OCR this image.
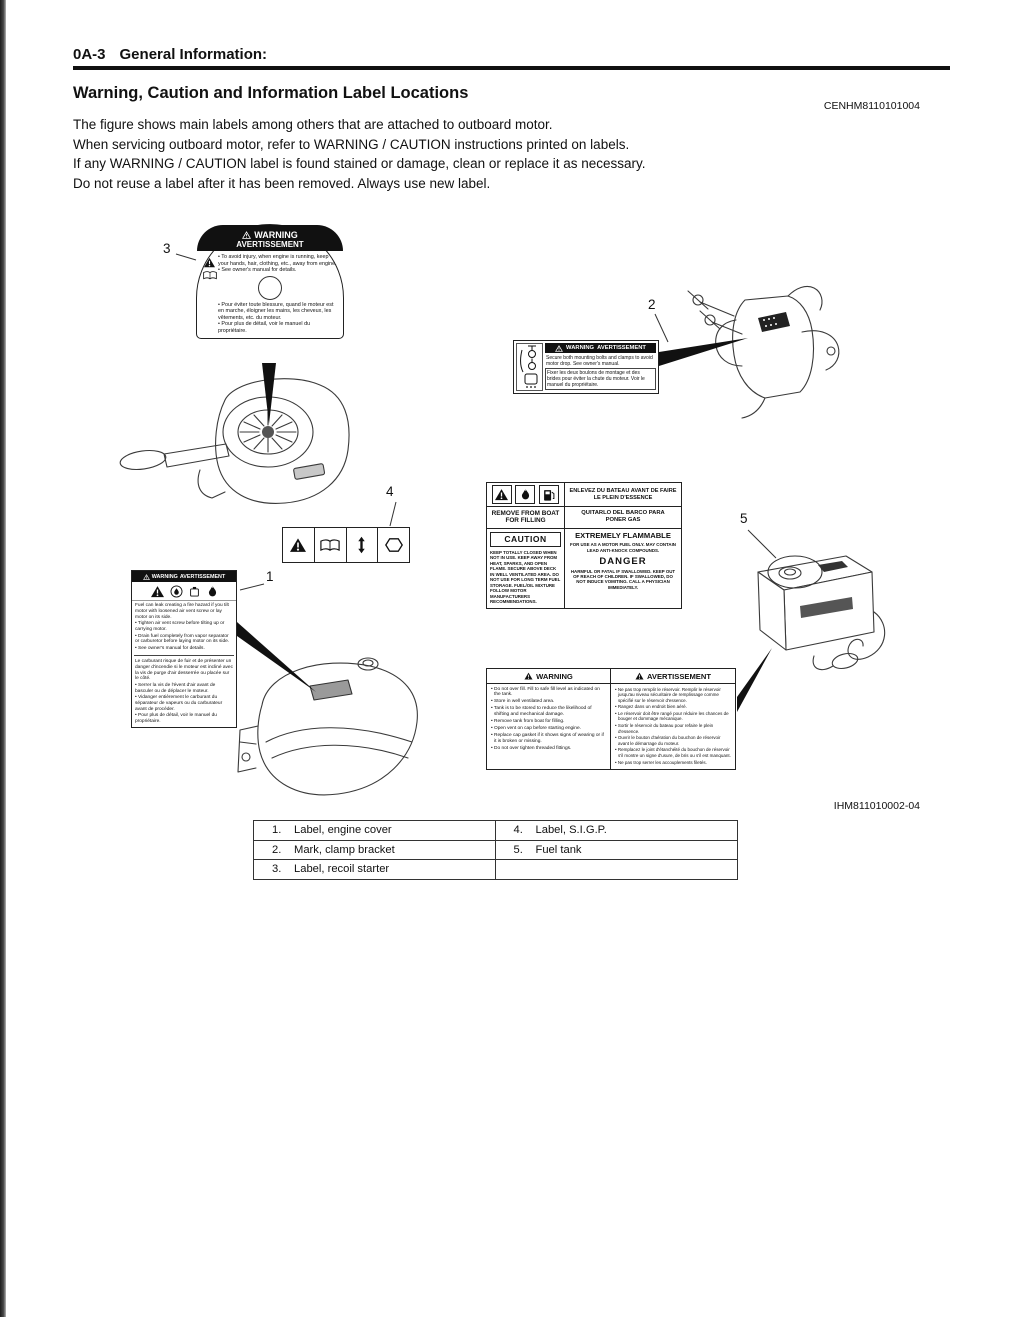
0A-3 General Information:
Warning, Caution and Information Label Locations
CENHM8110101004
The figure shows main labels among others that are attached to outboard motor.
When servicing outboard motor, refer to WARNING / CAUTION instructions printed on labels.
If any WARNING / CAUTION label is found stained or damage, clean or replace it as necessary.
Do not reuse a label after it has been removed. Always use new label.
1
2
3
4
5
WARNING
AVERTISSEMENT
• To avoid injury, when engine is running, keep your hands, hair, clothing, etc., away from engine.
• See owner's manual for details.
• Pour éviter toute blessure, quand le moteur est en marche, éloigner les mains, les cheveux, les vêtements, etc. du moteur.
• Pour plus de détail, voir le manuel du propriétaire.
WARNING AVERTISSEMENT
Secure both mounting bolts and clamps to avoid motor drop. See owner's manual.
Fixer les deux boulons de montage et des brides pour éviter la chute du moteur. Voir le manuel du propriétaire.
WARNING AVERTISSEMENT
Fuel can leak creating a fire hazard if you tilt motor with loosened air vent screw or lay motor on its side.
• Tighten air vent screw before tilting up or carrying motor.
• Drain fuel completely from vapor separator or carburetor before laying motor on its side.
• See owner's manual for details.
Le carburant risque de fuir et de présenter un danger d'incendie si le moteur est incliné avec la vis de purge d'air desserrée ou placée sur le côté.
• Serrer la vis de l'évent d'air avant de basculer ou de déplacer le moteur.
• Vidanger entièrement le carburant du séparateur de vapeurs ou du carburateur avant de procéder.
• Pour plus de détail, voir le manuel du propriétaire.
ENLEVEZ DU BATEAU AVANT DE FAIRE LE PLEIN D'ESSENCE
REMOVE FROM BOAT FOR FILLING
QUITARLO DEL BARCO PARA PONER GAS
CAUTION
KEEP TOTALLY CLOSED WHEN NOT IN USE. KEEP AWAY FROM HEAT, SPARKS, AND OPEN FLAME. SECURE ABOVE DECK IN WELL VENTILATED AREA. DO NOT USE FOR LONG TERM FUEL STORAGE. FUEL/OIL MIXTURE FOLLOW MOTOR MANUFACTURERS RECOMMENDATIONS.
EXTREMELY FLAMMABLE
FOR USE AS A MOTOR FUEL ONLY. MAY CONTAIN LEAD ANTI-KNOCK COMPOUNDS.
DANGER
HARMFUL OR FATAL IF SWALLOWED. KEEP OUT OF REACH OF CHILDREN. IF SWALLOWED, DO NOT INDUCE VOMITING. CALL A PHYSICIAN IMMEDIATELY.
WARNING
• Do not over fill. Fill to safe fill level as indicated on the tank.
• Store in well ventilated area.
• Tank is to be stored to reduce the likelihood of shifting and mechanical damage.
• Remove tank from boat for filling.
• Open vent on cap before starting engine.
• Replace cap gasket if it shows signs of wearing or if it is broken or missing.
• Do not over tighten threaded fittings.
AVERTISSEMENT
• Ne pas trop remplir le réservoir. Remplir le réservoir jusqu'au niveau sécuritaire de remplissage comme spécifié sur le réservoir d'essence.
• Rangez dans un endroit bien aéré.
• Le réservoir doit être rangé pour réduire les chances de bouger et dommage mécanique.
• Sortir le réservoir du bateau pour refaire le plein d'essence.
• Ouvrir le bouton d'aération du bouchon de réservoir avant le démarrage du moteur.
• Remplacez le joint d'étanchéité du bouchon de réservoir s'il montre un signe d'usure, de bris ou s'il est manquant.
• Ne pas trop serrer les accouplements filetés.
IHM811010002-04
1.	Label, engine cover	4.	Label, S.I.G.P.
2.	Mark, clamp bracket	5.	Fuel tank
3.	Label, recoil starter
